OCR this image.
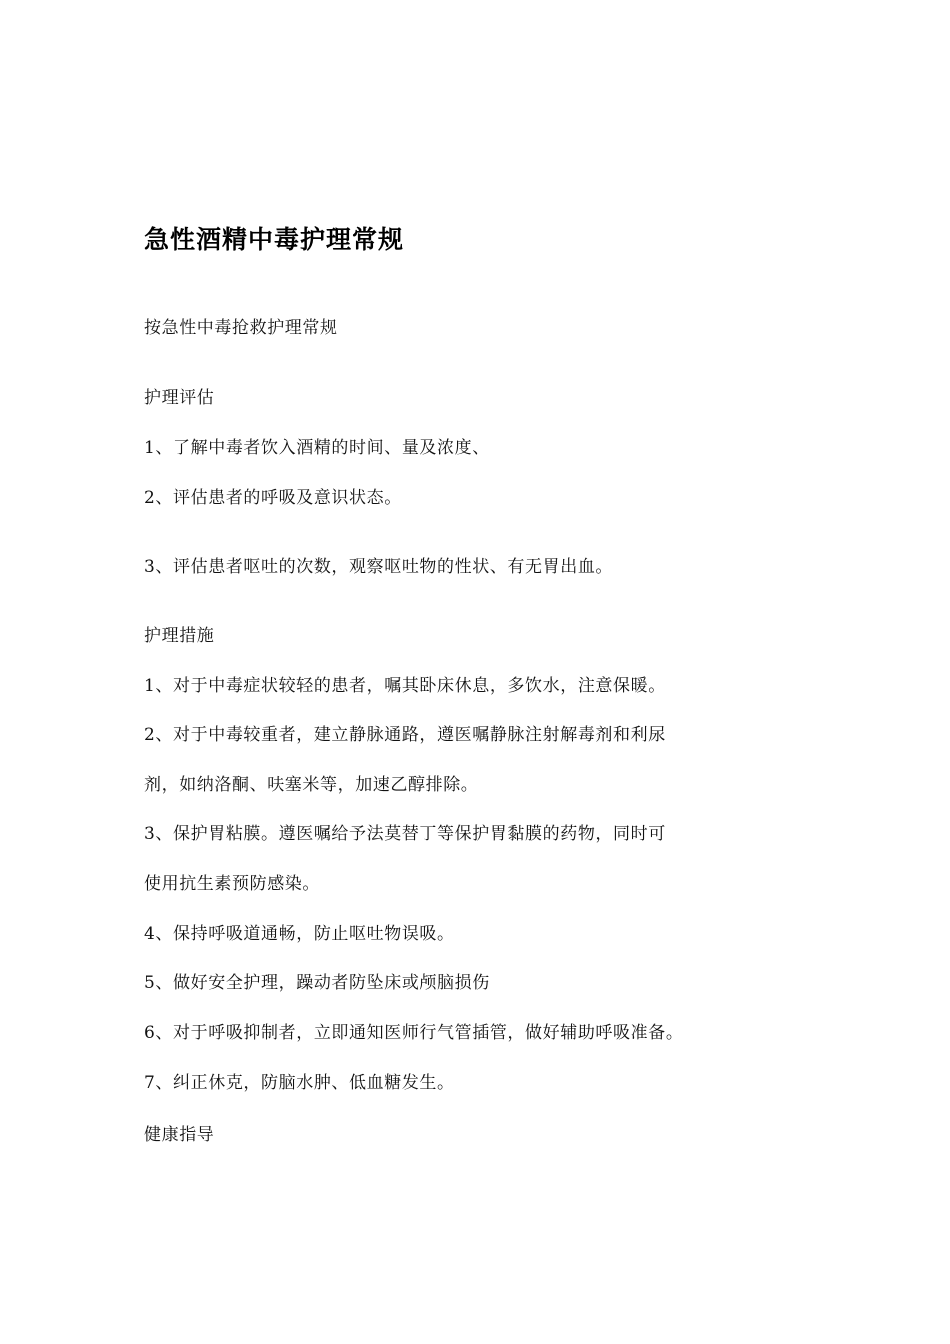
急性酒精中毒护理常规
按急性中毒抢救护理常规
护理评估
1、了解中毒者饮入酒精的时间、量及浓度、
2、评估患者的呼吸及意识状态。
3、评估患者呕吐的次数，观察呕吐物的性状、有无胃出血。
护理措施
1、对于中毒症状较轻的患者，嘱其卧床休息，多饮水，注意保暖。
2、对于中毒较重者，建立静脉通路，遵医嘱静脉注射解毒剂和利尿
剂，如纳洛酮、呋塞米等，加速乙醇排除。
3、保护胃粘膜。遵医嘱给予法莫替丁等保护胃黏膜的药物，同时可
使用抗生素预防感染。
4、保持呼吸道通畅，防止呕吐物误吸。
5、做好安全护理，躁动者防坠床或颅脑损伤
6、对于呼吸抑制者，立即通知医师行气管插管，做好辅助呼吸准备。
7、纠正休克，防脑水肿、低血糖发生。
健康指导
